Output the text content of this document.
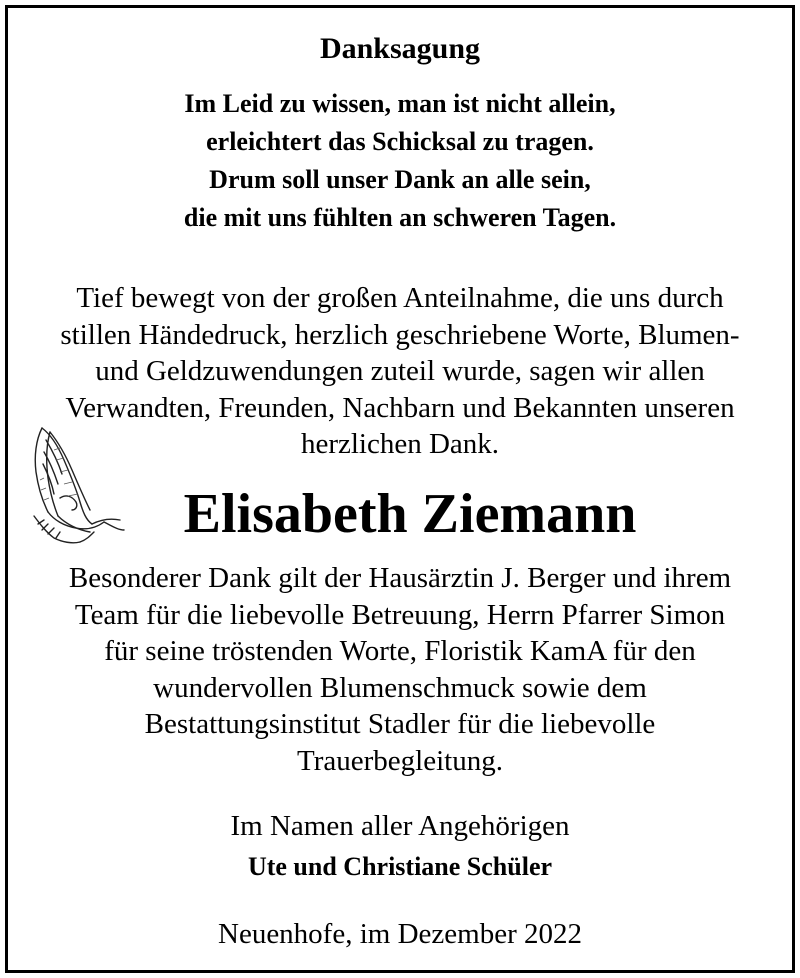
Danksagung
Im Leid zu wissen, man ist nicht allein,
erleichtert das Schicksal zu tragen.
Drum soll unser Dank an alle sein,
die mit uns fühlten an schweren Tagen.
Tief bewegt von der großen Anteilnahme, die uns durch
stillen Händedruck, herzlich geschriebene Worte, Blumen-
und Geldzuwendungen zuteil wurde, sagen wir allen
Verwandten, Freunden, Nachbarn und Bekannten unseren
herzlichen Dank.
Elisabeth Ziemann
Besonderer Dank gilt der Hausärztin J. Berger und ihrem
Team für die liebevolle Betreuung, Herrn Pfarrer Simon
für seine tröstenden Worte, Floristik KamA für den
wundervollen Blumenschmuck sowie dem
Bestattungsinstitut Stadler für die liebevolle
Trauerbegleitung.
Im Namen aller Angehörigen
Ute und Christiane Schüler
Neuenhofe, im Dezember 2022
